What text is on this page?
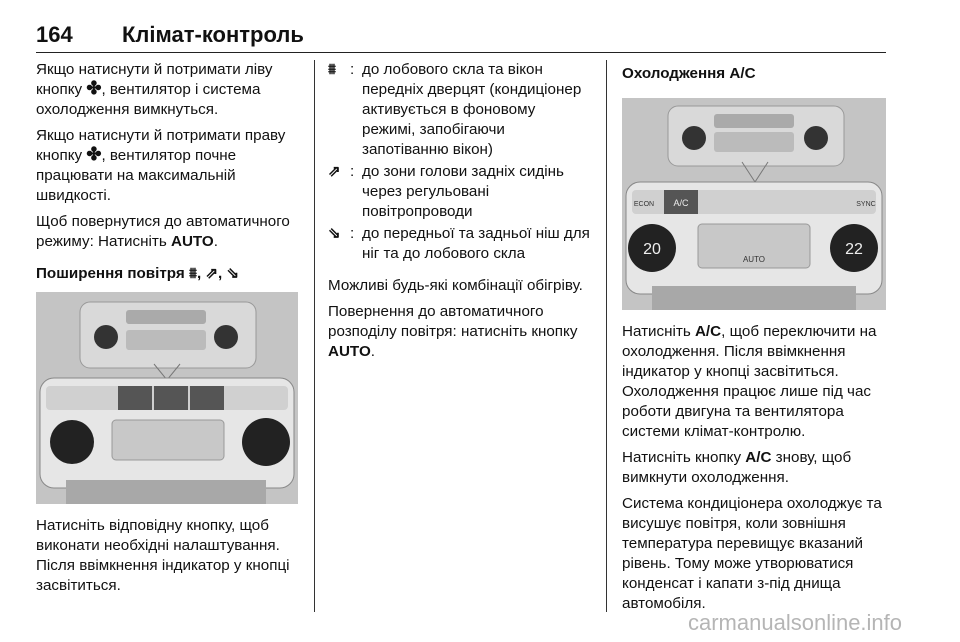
164 Клімат-контроль

Якщо натиснути й потримати ліву кнопку ✤, вентилятор і система охолодження вимкнуться.

Якщо натиснути й потримати праву кнопку ✤, вентилятор почне працювати на максимальній швидкості.

Щоб повернутися до автоматичного режиму: Натисніть AUTO.

Поширення повітря ⩩, ⇗, ⇘

Натисніть відповідну кнопку, щоб виконати необхідні налаштування. Після ввімкнення індикатор у кнопці засвітиться.

⩩ : до лобового скла та вікон передніх дверцят (кондиціонер активується в фоновому режимі, запобігаючи запотіванню вікон)
⇗ : до зони голови задніх сидінь через регульовані повітропроводи
⇘ : до передньої та задньої ніш для ніг та до лобового скла

Можливі будь-які комбінації обігріву.

Повернення до автоматичного розподілу повітря: натисніть кнопку AUTO.

Охолодження A/C
A/C
ECON	SYNC
20	22
AUTO

Натисніть A/C, щоб переключити на охолодження. Після ввімкнення індикатор у кнопці засвітиться. Охолодження працює лише під час роботи двигуна та вентилятора системи клімат-контролю.

Натисніть кнопку A/C знову, щоб вимкнути охолодження.

Система кондиціонера охолоджує та висушує повітря, коли зовнішня температура перевищує вказаний рівень. Тому може утворюватися конденсат і капати з-під днища автомобіля.

carmanualsonline.info
